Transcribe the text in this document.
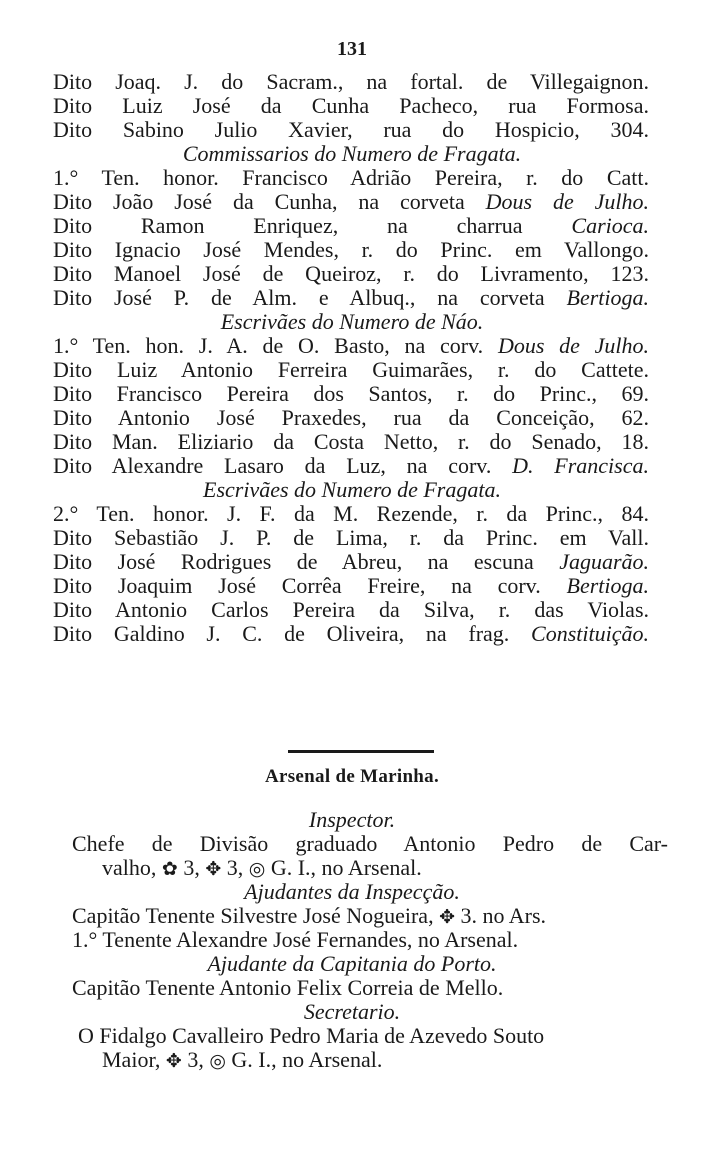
131
Dito Joaq. J. do Sacram., na fortal. de Villegaignon.
Dito Luiz José da Cunha Pacheco, rua Formosa.
Dito Sabino Julio Xavier, rua do Hospicio, 304.
Commissarios do Numero de Fragata.
1.° Ten. honor. Francisco Adrião Pereira, r. do Catt.
Dito João José da Cunha, na corveta Dous de Julho.
Dito Ramon Enriquez, na charrua Carioca.
Dito Ignacio José Mendes, r. do Princ. em Vallongo.
Dito Manoel José de Queiroz, r. do Livramento, 123.
Dito José P. de Alm. e Albuq., na corveta Bertioga.
Escrivães do Numero de Náo.
1.° Ten. hon. J. A. de O. Basto, na corv. Dous de Julho.
Dito Luiz Antonio Ferreira Guimarães, r. do Cattete.
Dito Francisco Pereira dos Santos, r. do Princ., 69.
Dito Antonio José Praxedes, rua da Conceição, 62.
Dito Man. Eliziario da Costa Netto, r. do Senado, 18.
Dito Alexandre Lasaro da Luz, na corv. D. Francisca.
Escrivães do Numero de Fragata.
2.° Ten. honor. J. F. da M. Rezende, r. da Princ., 84.
Dito Sebastião J. P. de Lima, r. da Princ. em Vall.
Dito José Rodrigues de Abreu, na escuna Jaguarão.
Dito Joaquim José Corrêa Freire, na corv. Bertioga.
Dito Antonio Carlos Pereira da Silva, r. das Violas.
Dito Galdino J. C. de Oliveira, na frag. Constituição.
Arsenal de Marinha.
Inspector.
Chefe de Divisão graduado Antonio Pedro de Car-
valho, ✿ 3, ✥ 3, ◎ G. I., no Arsenal.
Ajudantes da Inspecção.
Capitão Tenente Silvestre José Nogueira, ✥ 3. no Ars.
1.° Tenente Alexandre José Fernandes, no Arsenal.
Ajudante da Capitania do Porto.
Capitão Tenente Antonio Felix Correia de Mello.
Secretario.
O Fidalgo Cavalleiro Pedro Maria de Azevedo Souto
Maior, ✥ 3, ◎ G. I., no Arsenal.
